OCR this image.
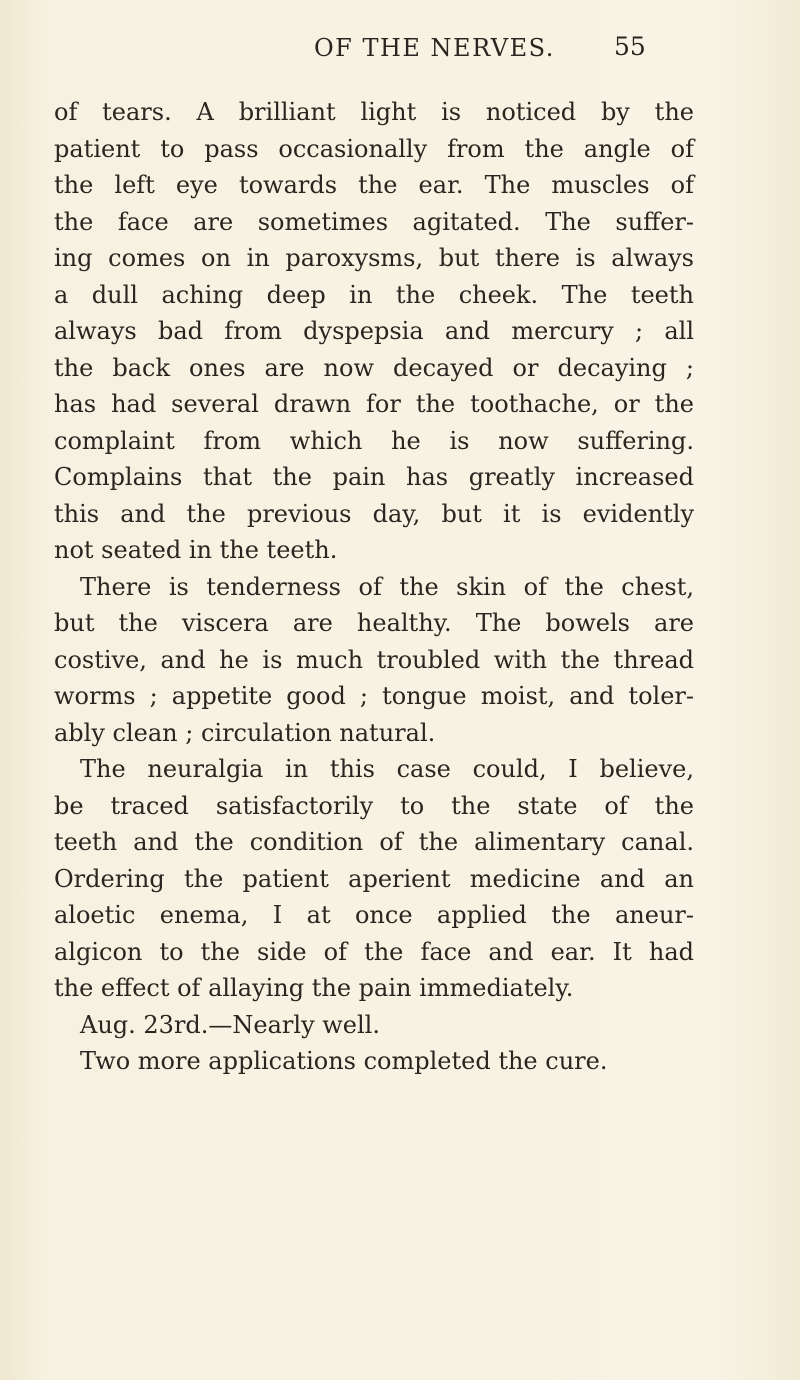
OF THE NERVES. 55
of tears. A brilliant light is noticed by the
patient to pass occasionally from the angle of
the left eye towards the ear. The muscles of
the face are sometimes agitated. The suffer-
ing comes on in paroxysms, but there is always
a dull aching deep in the cheek. The teeth
always bad from dyspepsia and mercury ; all
the back ones are now decayed or decaying ;
has had several drawn for the toothache, or the
complaint from which he is now suffering.
Complains that the pain has greatly increased
this and the previous day, but it is evidently
not seated in the teeth.
There is tenderness of the skin of the chest,
but the viscera are healthy. The bowels are
costive, and he is much troubled with the thread
worms ; appetite good ; tongue moist, and toler-
ably clean ; circulation natural.
The neuralgia in this case could, I believe,
be traced satisfactorily to the state of the
teeth and the condition of the alimentary canal.
Ordering the patient aperient medicine and an
aloetic enema, I at once applied the aneur-
algicon to the side of the face and ear. It had
the effect of allaying the pain immediately.
Aug. 23rd.—Nearly well.
Two more applications completed the cure.
